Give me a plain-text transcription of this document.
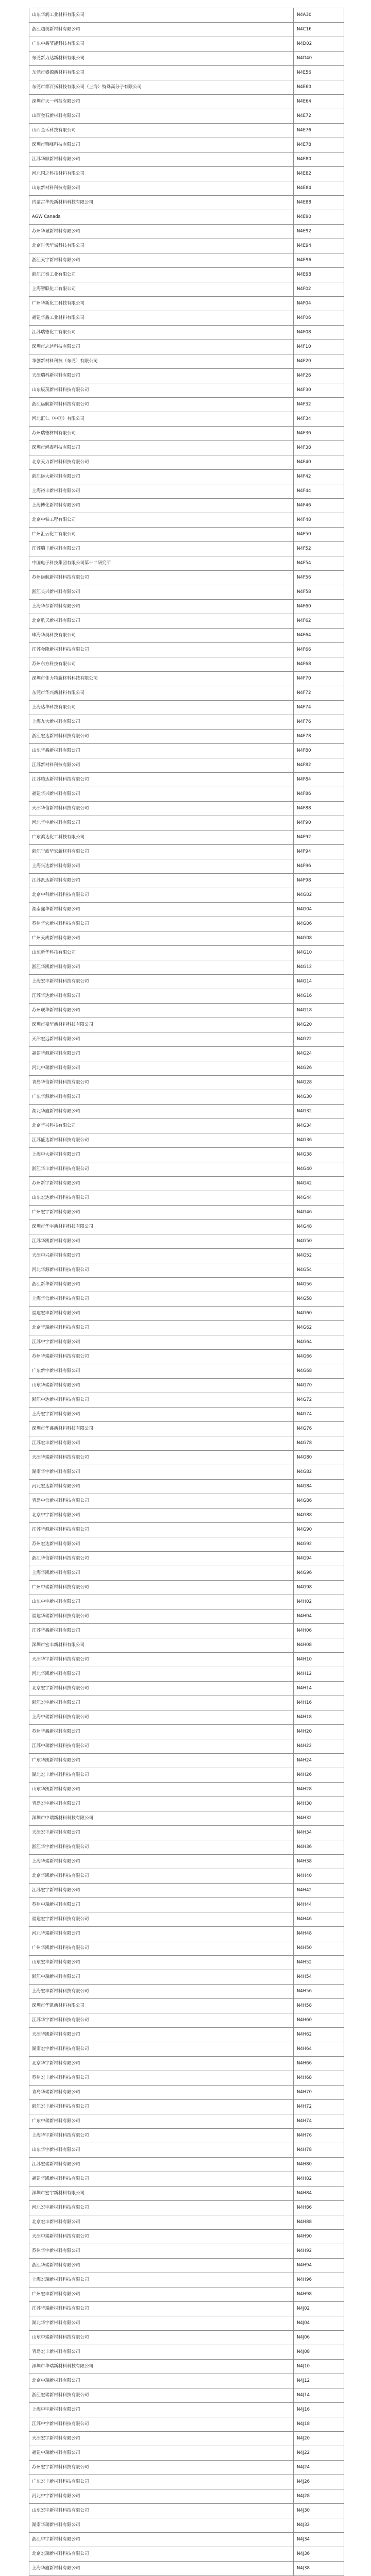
山东华润工业材料有限公司	N4A30
浙江超美新材料有限公司	N4C16
广东中鑫节能科技有限公司	N4D02
东莞新力达新材料有限公司	N4D40
东莞市盛源新材料有限公司	N4E56
东莞市都百扬科技有限公司（上海）特殊高分子有限公司	N4E60
深圳市天一科技有限公司	N4E64
山西金石新材料有限公司	N4E72
山西金禾科技有限公司	N4E76
深圳市锦峰科技有限公司	N4E78
江苏华顺新材料有限公司	N4E80
河北国之科技材料有限公司	N4E82
山东新材料科技有限公司	N4E84
内蒙古华先新材料科技有限公司	N4E88
AGW Canada	N4E90
苏州华诚新材料有限公司	N4E92
北京时代华诚科技有限公司	N4E94
浙江天宇新材料有限公司	N4E96
浙江正泰工业有限公司	N4E98
上海智联化工有限公司	N4F02
广州华新化工科技有限公司	N4F04
福建华鑫工业材料有限公司	N4F06
江苏瑞德化工有限公司	N4F08
深圳市志达科技有限公司	N4F10
华创新材料科技（东莞）有限公司	N4F20
天津瑞科新材料有限公司	N4F26
山东辰茂新材料科技有限公司	N4F30
浙江远航新材料科技有限公司	N4F32
河北汇仁（中国）有限公司	N4F34
苏州瑞德材料有限公司	N4F36
深圳市鸿泰科技有限公司	N4F38
北京天力新材料科技有限公司	N4F40
浙江远大新材料有限公司	N4F42
上海裕丰新材料有限公司	N4F44
上海博化新材料有限公司	N4F46
北京中铁工程有限公司	N4F48
广州汇云化工有限公司	N4F50
江苏瑞丰新材料有限公司	N4F52
中国电子科技集团有限公司第十二研究所	N4F54
苏州远航新材料科技有限公司	N4F56
浙江长兴新材料有限公司	N4F58
上海华尔新材料有限公司	N4F60
北京航天新材料有限公司	N4F62
珠海华昊科技有限公司	N4F64
江苏金陵新材料科技有限公司	N4F66
苏州东方科技有限公司	N4F68
深圳市佳力特新材料科技有限公司	N4F70
东莞市华兴新材料有限公司	N4F72
上海达华科技有限公司	N4F74
上海九大新材料有限公司	N4F76
浙江宏达新材料科技有限公司	N4F78
山东华鑫新材料有限公司	N4F80
江苏新材料科技有限公司	N4F82
江苏腾达新材料科技有限公司	N4F84
福建华兴新材料有限公司	N4F86
天津华信新材料科技有限公司	N4F88
河北华宇新材料有限公司	N4F90
广东鸿达化工科技有限公司	N4F92
浙江宁波华宏新材料有限公司	N4F94
上海兴达新材料有限公司	N4F96
江苏凯达新材料有限公司	N4F98
北京中科新材料科技有限公司	N4G02
湖南鑫华新材料有限公司	N4G04
苏州华宏新材料科技有限公司	N4G06
广州天成新材料有限公司	N4G08
山东新华科技有限公司	N4G10
浙江华凯新材料有限公司	N4G12
上海宏丰新材料科技有限公司	N4G14
江苏华达新材料有限公司	N4G16
苏州联华新材料有限公司	N4G18
深圳市嘉华新材料科技有限公司	N4G20
天津宏远新材料有限公司	N4G22
福建华源新材料有限公司	N4G24
河北中瑞新材料有限公司	N4G26
青岛华信新材料科技有限公司	N4G28
广东华源新材料有限公司	N4G30
湖北华鑫新材料有限公司	N4G32
北京华兴科技有限公司	N4G34
江苏盛达新材料科技有限公司	N4G36
上海中大新材料有限公司	N4G38
浙江华丰新材料科技有限公司	N4G40
苏州新宇新材料有限公司	N4G42
山东宏达新材料科技有限公司	N4G44
广州宏宇新材料有限公司	N4G46
深圳市华宇新材料科技有限公司	N4G48
江苏华凯新材料有限公司	N4G50
天津中兴新材料有限公司	N4G52
河北华源新材料科技有限公司	N4G54
浙江新华新材料有限公司	N4G56
上海华信新材料科技有限公司	N4G58
福建宏丰新材料有限公司	N4G60
北京华瑞新材料科技有限公司	N4G62
江苏中宇新材料有限公司	N4G64
苏州华瑞新材料科技有限公司	N4G66
广东新宇新材料有限公司	N4G68
山东华瑞新材料有限公司	N4G70
浙江中达新材料科技有限公司	N4G72
上海宏宇新材料有限公司	N4G74
深圳市华鑫新材料科技有限公司	N4G76
江苏宏丰新材料有限公司	N4G78
天津华瑞新材料科技有限公司	N4G80
湖南华宇新材料有限公司	N4G82
河北宏达新材料有限公司	N4G84
青岛中信新材料科技有限公司	N4G86
北京中宇新材料有限公司	N4G88
江苏华源新材料科技有限公司	N4G90
苏州宏达新材料有限公司	N4G92
浙江华信新材料科技有限公司	N4G94
上海华凯新材料有限公司	N4G96
广州中瑞新材料科技有限公司	N4G98
山东中宇新材料有限公司	N4H02
福建华瑞新材料科技有限公司	N4H04
江苏华鑫新材料有限公司	N4H06
深圳市宏丰新材料有限公司	N4H08
天津华宇新材料科技有限公司	N4H10
河北华凯新材料有限公司	N4H12
北京宏宇新材料科技有限公司	N4H14
浙江宏宇新材料有限公司	N4H16
上海中瑞新材料科技有限公司	N4H18
苏州华鑫新材料有限公司	N4H20
江苏中瑞新材料科技有限公司	N4H22
广东华凯新材料有限公司	N4H24
湖北宏丰新材料科技有限公司	N4H26
山东华凯新材料有限公司	N4H28
青岛宏宇新材料有限公司	N4H30
深圳市中瑞新材料科技有限公司	N4H32
天津宏丰新材料有限公司	N4H34
浙江华宇新材料科技有限公司	N4H36
上海华瑞新材料有限公司	N4H38
北京华凯新材料科技有限公司	N4H40
江苏宏宇新材料有限公司	N4H42
苏州中瑞新材料有限公司	N4H44
福建宏宇新材料科技有限公司	N4H46
河北华瑞新材料有限公司	N4H48
广州华凯新材料科技有限公司	N4H50
山东宏丰新材料有限公司	N4H52
浙江中瑞新材料有限公司	N4H54
上海宏丰新材料科技有限公司	N4H56
深圳市华凯新材料有限公司	N4H58
江苏华宇新材料科技有限公司	N4H60
天津华凯新材料有限公司	N4H62
湖南宏宇新材料科技有限公司	N4H64
北京华宇新材料有限公司	N4H66
苏州宏丰新材料科技有限公司	N4H68
青岛华瑞新材料有限公司	N4H70
浙江宏丰新材料科技有限公司	N4H72
广东中瑞新材料有限公司	N4H74
上海华宇新材料科技有限公司	N4H76
山东华宇新材料有限公司	N4H78
江苏宏瑞新材料有限公司	N4H80
福建华凯新材料科技有限公司	N4H82
深圳市宏宇新材料有限公司	N4H84
河北宏宇新材料科技有限公司	N4H86
北京宏丰新材料有限公司	N4H88
天津中瑞新材料科技有限公司	N4H90
苏州华宇新材料有限公司	N4H92
浙江华瑞新材料有限公司	N4H94
上海宏瑞新材料科技有限公司	N4H96
广州宏丰新材料有限公司	N4H98
江苏华瑞新材料科技有限公司	N4J02
湖北华宇新材料有限公司	N4J04
山东中瑞新材料科技有限公司	N4J06
青岛宏丰新材料有限公司	N4J08
深圳市华瑞新材料科技有限公司	N4J10
北京中瑞新材料有限公司	N4J12
浙江宏瑞新材料科技有限公司	N4J14
上海中宇新材料有限公司	N4J16
江苏中宇新材料科技有限公司	N4J18
天津宏宇新材料有限公司	N4J20
福建中瑞新材料有限公司	N4J22
苏州宏宇新材料科技有限公司	N4J24
广东宏丰新材料科技有限公司	N4J26
河北中宇新材料有限公司	N4J28
山东宏宇新材料科技有限公司	N4J30
湖南华瑞新材料有限公司	N4J32
浙江中宇新材料有限公司	N4J34
北京宏瑞新材料科技有限公司	N4J36
上海华鑫新材料有限公司	N4J38
